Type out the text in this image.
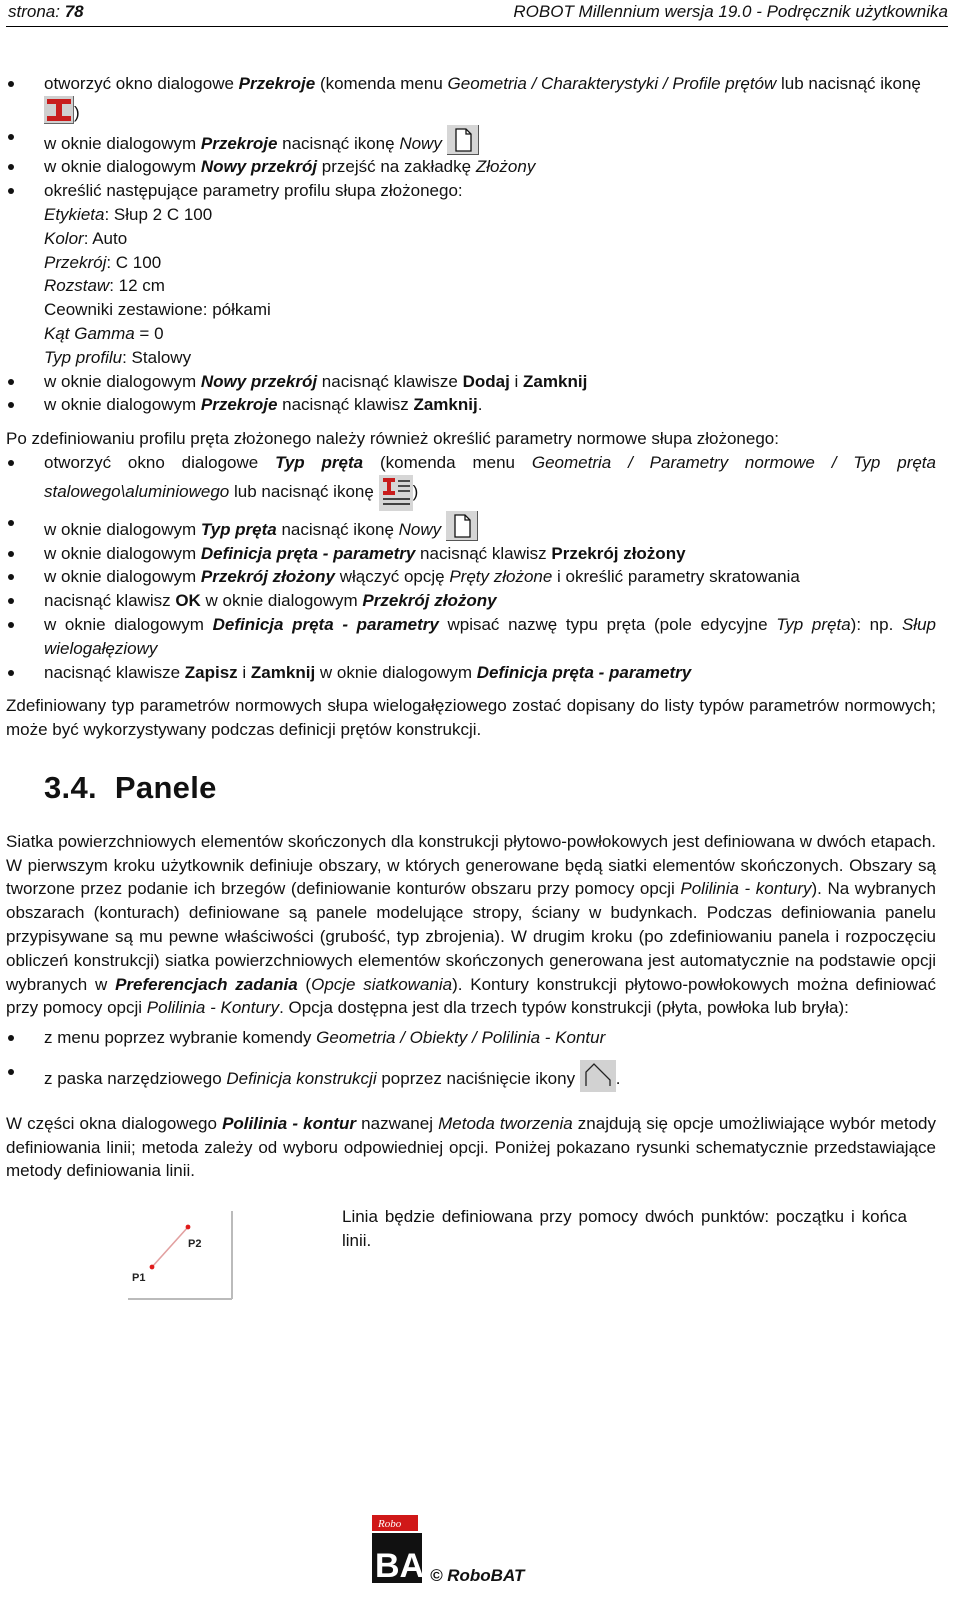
strona: 78	ROBOT Millennium wersja 19.0 - Podręcznik użytkownika
otworzyć okno dialogowe Przekroje (komenda menu Geometria / Charakterystyki / Profile prętów lub nacisnąć ikonę )
w oknie dialogowym Przekroje nacisnąć ikonę Nowy
w oknie dialogowym Nowy przekrój przejść na zakładkę Złożony
określić następujące parametry profilu słupa złożonego:
Etykieta: Słup 2 C 100
Kolor: Auto
Przekrój: C 100
Rozstaw: 12 cm
Ceowniki zestawione: półkami
Kąt Gamma = 0
Typ profilu: Stalowy
w oknie dialogowym Nowy przekrój nacisnąć klawisze Dodaj i Zamknij
w oknie dialogowym Przekroje nacisnąć klawisz Zamknij.
Po zdefiniowaniu profilu pręta złożonego należy również określić parametry normowe słupa złożonego:
otworzyć okno dialogowe Typ pręta (komenda menu Geometria / Parametry normowe / Typ pręta stalowego\aluminiowego lub nacisnąć ikonę )
w oknie dialogowym Typ pręta nacisnąć ikonę Nowy
w oknie dialogowym Definicja pręta - parametry nacisnąć klawisz Przekrój złożony
w oknie dialogowym Przekrój złożony włączyć opcję Pręty złożone i określić parametry skratowania
nacisnąć klawisz OK w oknie dialogowym Przekrój złożony
w oknie dialogowym Definicja pręta - parametry wpisać nazwę typu pręta (pole edycyjne Typ pręta): np. Słup wielogałęziowy
nacisnąć klawisze Zapisz i Zamknij w oknie dialogowym Definicja pręta - parametry
Zdefiniowany typ parametrów normowych słupa wielogałęziowego zostać dopisany do listy typów parametrów normowych; może być wykorzystywany podczas definicji prętów konstrukcji.
3.4. Panele
Siatka powierzchniowych elementów skończonych dla konstrukcji płytowo-powłokowych jest definiowana w dwóch etapach. W pierwszym kroku użytkownik definiuje obszary, w których generowane będą siatki elementów skończonych. Obszary są tworzone przez podanie ich brzegów (definiowanie konturów obszaru przy pomocy opcji Polilinia - kontury). Na wybranych obszarach (konturach) definiowane są panele modelujące stropy, ściany w budynkach. Podczas definiowania panelu przypisywane są mu pewne właściwości (grubość, typ zbrojenia). W drugim kroku (po zdefiniowaniu panela i rozpoczęciu obliczeń konstrukcji) siatka powierzchniowych elementów skończonych generowana jest automatycznie na podstawie opcji wybranych w Preferencjach zadania (Opcje siatkowania). Kontury konstrukcji płytowo-powłokowych można definiować przy pomocy opcji Polilinia - Kontury. Opcja dostępna jest dla trzech typów konstrukcji (płyta, powłoka lub bryła):
z menu poprzez wybranie komendy Geometria / Obiekty / Polilinia - Kontur
z paska narzędziowego Definicja konstrukcji poprzez naciśnięcie ikony .
W części okna dialogowego Polilinia - kontur nazwanej Metoda tworzenia znajdują się opcje umożliwiające wybór metody definiowania linii; metoda zależy od wyboru odpowiedniej opcji. Poniżej pokazano rysunki schematycznie przedstawiające metody definiowania linii.
P1
P2
Linia będzie definiowana przy pomocy dwóch punktów: początku i końca linii.
Robo
BAT
© RoboBAT
